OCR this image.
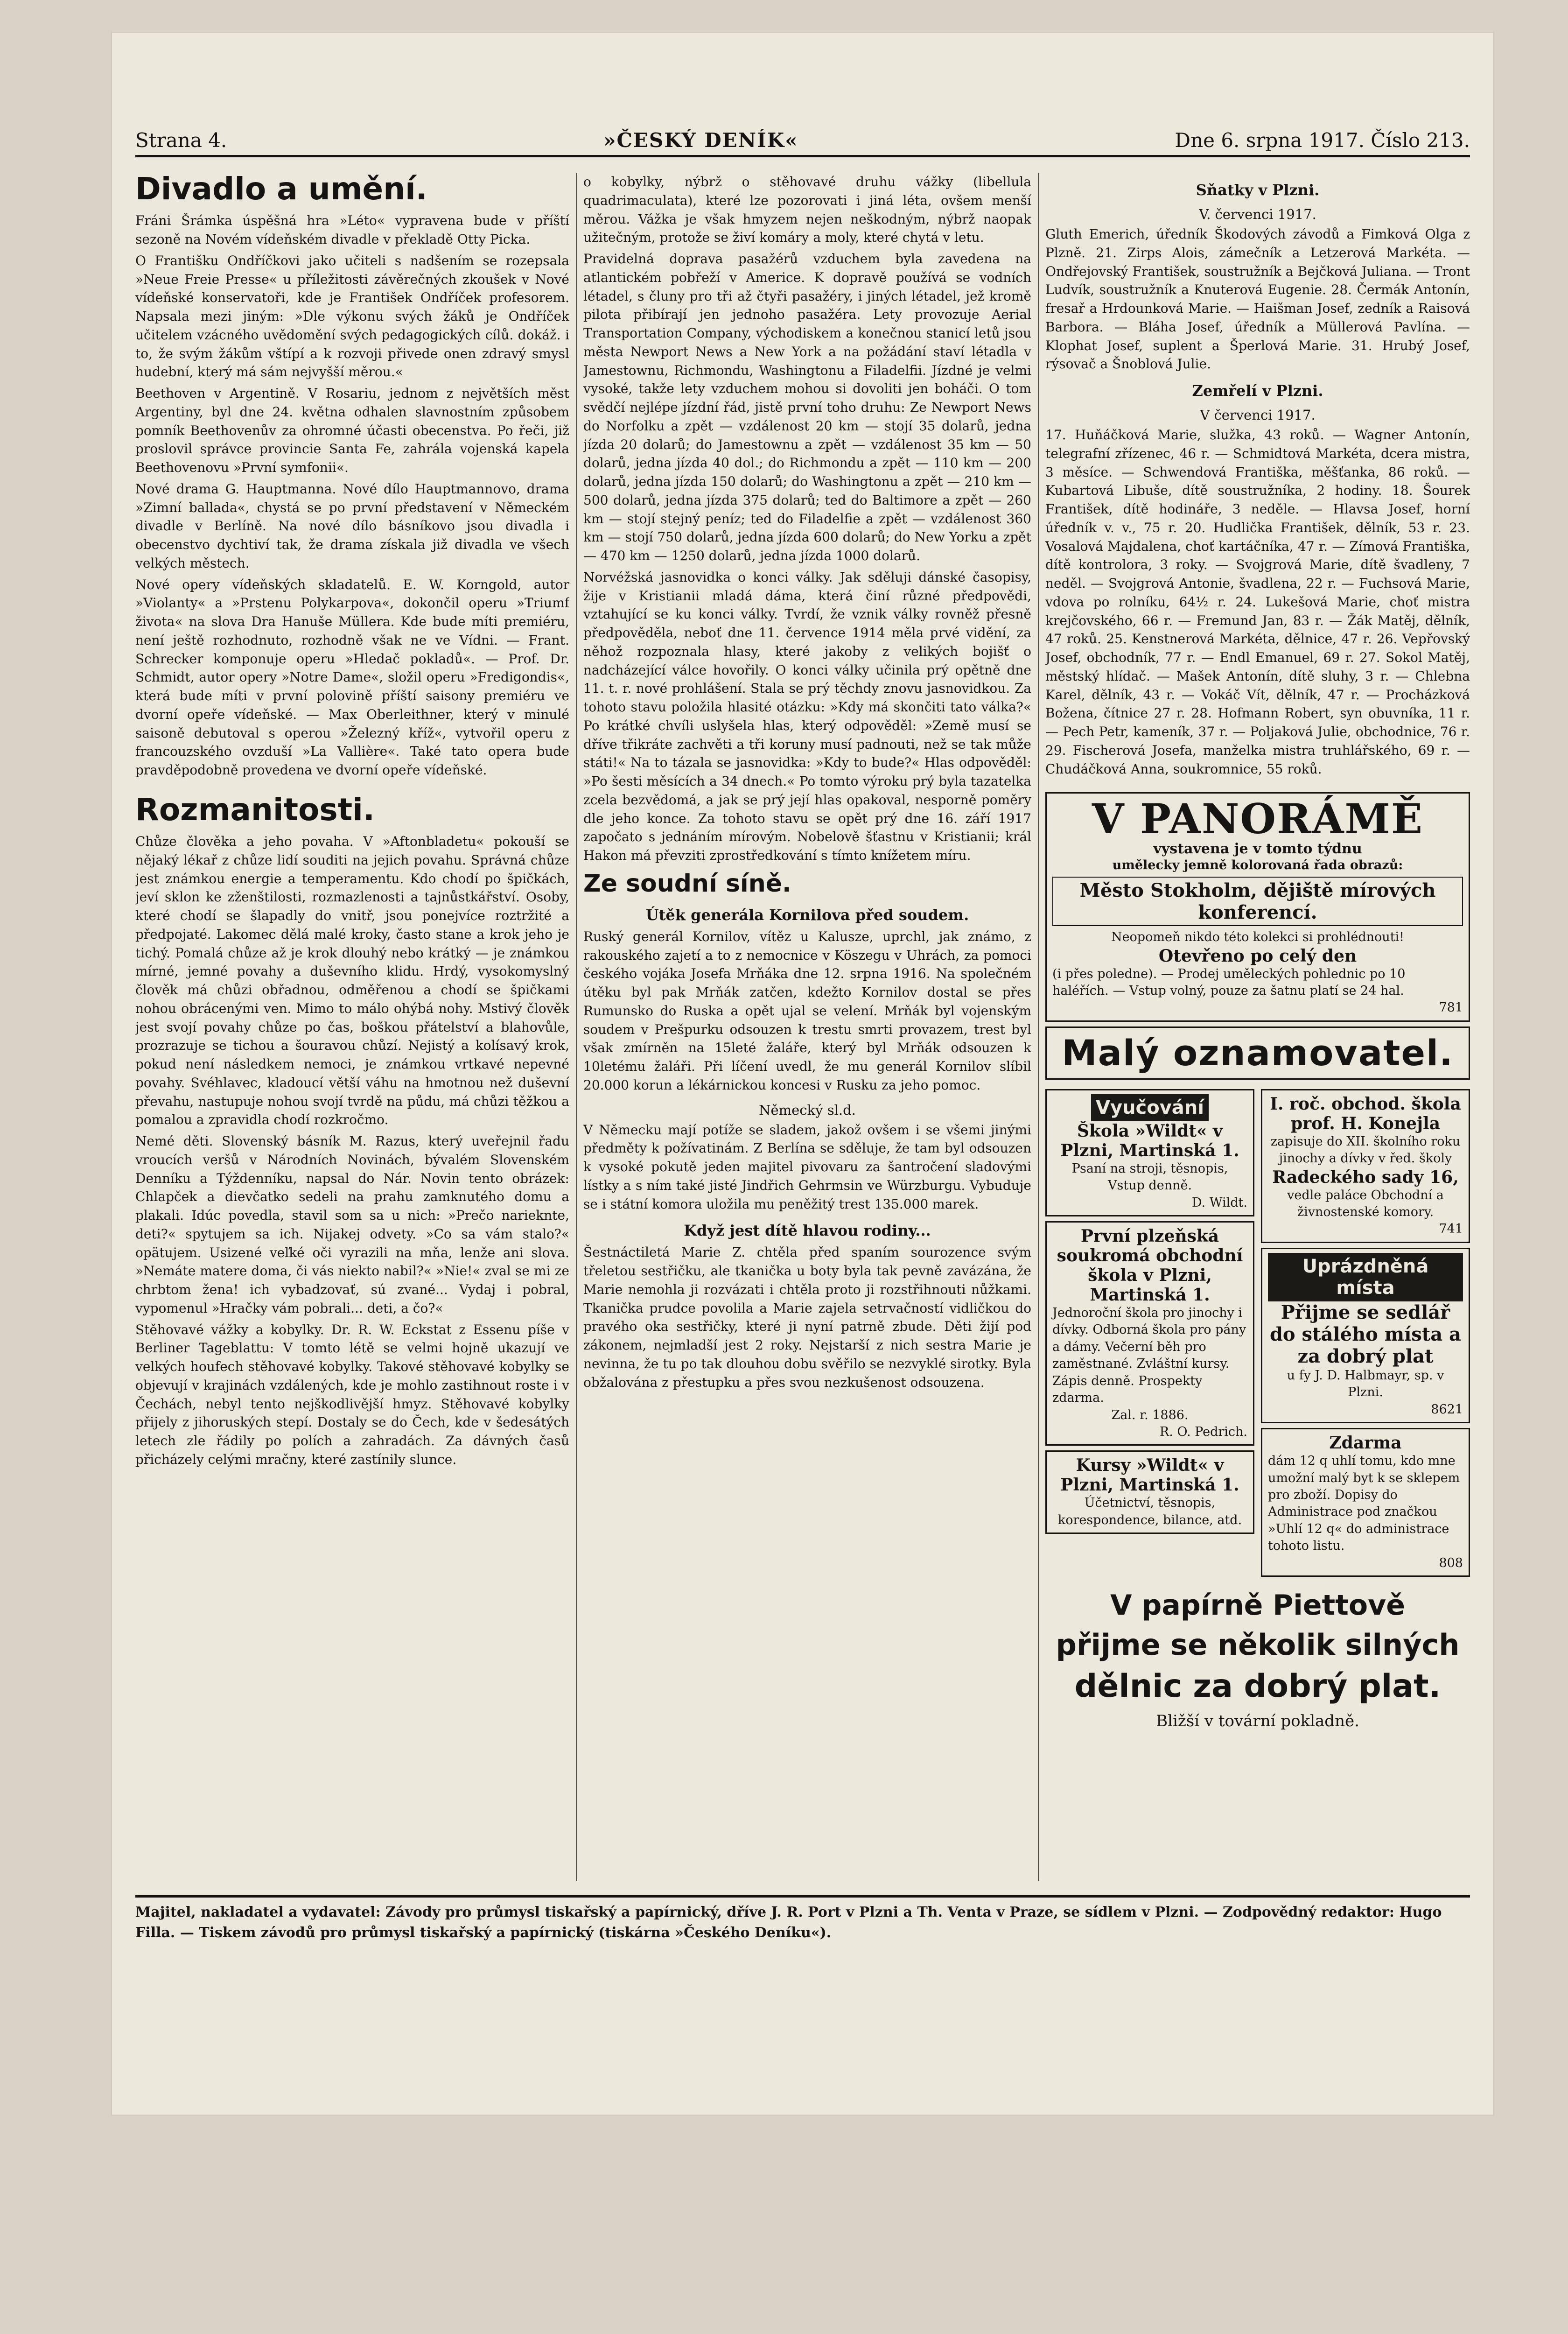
Strana 4.	»ČESKÝ DENÍK«	Dne 6. srpna 1917. Číslo 213.
Divadlo a umění.

Fráni Šrámka úspěšná hra »Léto« vypravena bude v příští sezoně na Novém vídeňském divadle v překladě Otty Picka.

O Františku Ondříčkovi jako učiteli s nadšením se rozepsala »Neue Freie Presse« u příležitosti závěrečných zkoušek v Nové vídeňské konservatoři, kde je František Ondříček profesorem. Napsala mezi jiným: »Dle výkonu svých žáků je Ondříček učitelem vzácného uvědomění svých pedagogických cílů. dokáž. i to, že svým žákům vštípí a k rozvoji přivede onen zdravý smysl hudební, který má sám nejvyšší měrou.«

Beethoven v Argentině. V Rosariu, jednom z největších měst Argentiny, byl dne 24. května odhalen slavnostním způsobem pomník Beethovenův za ohromné účasti obecenstva. Po řeči, již proslovil správce provincie Santa Fe, zahrála vojenská kapela Beethovenovu »První symfonii«.

Nové drama G. Hauptmanna. Nové dílo Hauptmannovo, drama »Zimní ballada«, chystá se po první představení v Německém divadle v Berlíně. Na nové dílo básníkovo jsou divadla i obecenstvo dychtiví tak, že drama získala již divadla ve všech velkých městech.

Nové opery vídeňských skladatelů. E. W. Korngold, autor »Violanty« a »Prstenu Polykarpova«, dokončil operu »Triumf života« na slova Dra Hanuše Müllera. Kde bude míti premiéru, není ještě rozhodnuto, rozhodně však ne ve Vídni. — Frant. Schrecker komponuje operu »Hledač pokladů«. — Prof. Dr. Schmidt, autor opery »Notre Dame«, složil operu »Fredigondis«, která bude míti v první polovině příští saisony premiéru ve dvorní opeře vídeňské. — Max Oberleithner, který v minulé saisoně debutoval s operou »Železný kříž«, vytvořil operu z francouzského ovzduší »La Vallière«. Také tato opera bude pravděpodobně provedena ve dvorní opeře vídeňské.

Rozmanitosti.

Chůze člověka a jeho povaha. V »Aftonbladetu« pokouší se nějaký lékař z chůze lidí souditi na jejich povahu. Správná chůze jest známkou energie a temperamentu. Kdo chodí po špičkách, jeví sklon ke zženštilosti, rozmazlenosti a tajnůstkářství. Osoby, které chodí se šlapadly do vnitř, jsou ponejvíce roztržité a předpojaté. Lakomec dělá malé kroky, často stane a krok jeho je tichý. Pomalá chůze až je krok dlouhý nebo krátký — je známkou mírné, jemné povahy a duševního klidu. Hrdý, vysokomyslný člověk má chůzi obřadnou, odměřenou a chodí se špičkami nohou obrácenými ven. Mimo to málo ohýbá nohy. Mstivý člověk jest svojí povahy chůze po čas, boškou přátelství a blahovůle, prozrazuje se tichou a šouravou chůzí. Nejistý a kolísavý krok, pokud není následkem nemoci, je známkou vrtkavé nepevné povahy. Svéhlavec, kladoucí větší váhu na hmotnou než duševní převahu, nastupuje nohou svojí tvrdě na půdu, má chůzi těžkou a pomalou a zpravidla chodí rozkročmo.

Nemé děti. Slovenský básník M. Razus, který uveřejnil řadu vroucích veršů v Národních Novinách, bývalém Slovenském Denníku a Týždenníku, napsal do Nár. Novin tento obrázek: Chlapček a dievčatko sedeli na prahu zamknutého domu a plakali. Idúc povedla, stavil som sa u nich: »Prečo narieknte, deti?« spytujem sa ich. Nijakej odvety. »Co sa vám stalo?« opätujem. Usizené veľké oči vyrazili na mňa, lenže ani slova. »Nemáte matere doma, či vás niekto nabil?« »Nie!« zval se mi ze chrbtom žena! ich vybadzovať, sú zvané... Vydaj i pobral, vypomenul »Hračky vám pobrali... deti, a čo?«

Stěhovavé vážky a kobylky. Dr. R. W. Eckstat z Essenu píše v Berliner Tageblattu: V tomto létě se velmi hojně ukazují ve velkých houfech stěhovavé kobylky. Takové stěhovavé kobylky se objevují v krajinách vzdálených, kde je mohlo zastihnout roste i v Čechách, nebyl tento nejškodlivější hmyz. Stěhovavé kobylky přijely z jihoruských stepí. Dostaly se do Čech, kde v šedesátých letech zle řádily po polích a zahradách. Za dávných časů přicházely celými mračny, které zastínily slunce.

o kobylky, nýbrž o stěhovavé druhu vážky (libellula quadrimaculata), které lze pozorovati i jiná léta, ovšem menší měrou. Vážka je však hmyzem nejen neškodným, nýbrž naopak užitečným, protože se živí komáry a moly, které chytá v letu.

Pravidelná doprava pasažérů vzduchem byla zavedena na atlantickém pobřeží v Americe. K dopravě používá se vodních létadel, s čluny pro tři až čtyři pasažéry, i jiných létadel, jež kromě pilota přibírají jen jednoho pasažéra. Lety provozuje Aerial Transportation Company, východiskem a konečnou stanicí letů jsou města Newport News a New York a na požádání staví létadla v Jamestownu, Richmondu, Washingtonu a Filadelfii. Jízdné je velmi vysoké, takže lety vzduchem mohou si dovoliti jen boháči. O tom svědčí nejlépe jízdní řád, jistě první toho druhu: Ze Newport News do Norfolku a zpět — vzdálenost 20 km — stojí 35 dolarů, jedna jízda 20 dolarů; do Jamestownu a zpět — vzdálenost 35 km — 50 dolarů, jedna jízda 40 dol.; do Richmondu a zpět — 110 km — 200 dolarů, jedna jízda 150 dolarů; do Washingtonu a zpět — 210 km — 500 dolarů, jedna jízda 375 dolarů; ted do Baltimore a zpět — 260 km — stojí stejný peníz; ted do Filadelfie a zpět — vzdálenost 360 km — stojí 750 dolarů, jedna jízda 600 dolarů; do New Yorku a zpět — 470 km — 1250 dolarů, jedna jízda 1000 dolarů.

Norvéžská jasnovidka o konci války. Jak sděluji dánské časopisy, žije v Kristianii mladá dáma, která činí různé předpovědi, vztahující se ku konci války. Tvrdí, že vznik války rovněž přesně předpověděla, neboť dne 11. července 1914 měla prvé vidění, za něhož rozpoznala hlasy, které jakoby z velikých bojišť o nadcházející válce hovořily. O konci války učinila prý opětně dne 11. t. r. nové prohlášení. Stala se prý těchdy znovu jasnovidkou. Za tohoto stavu položila hlasité otázku: »Kdy má skončiti tato válka?« Po krátké chvíli uslyšela hlas, který odpověděl: »Země musí se dříve třikráte zachvěti a tři koruny musí padnouti, než se tak může státi!« Na to tázala se jasnovidka: »Kdy to bude?« Hlas odpověděl: »Po šesti měsících a 34 dnech.« Po tomto výroku prý byla tazatelka zcela bezvědomá, a jak se prý její hlas opakoval, nesporně poměry dle jeho konce. Za tohoto stavu se opět prý dne 16. září 1917 započato s jednáním mírovým. Nobelově šťastnu v Kristianii; král Hakon má převziti zprostředkování s tímto knížetem míru.

Ze soudní síně.
Útěk generála Kornilova před soudem.

Ruský generál Kornilov, vítěz u Kalusze, uprchl, jak známo, z rakouského zajetí a to z nemocnice v Köszegu v Uhrách, za pomoci českého vojáka Josefa Mrňáka dne 12. srpna 1916. Na společném útěku byl pak Mrňák zatčen, kdežto Kornilov dostal se přes Rumunsko do Ruska a opět ujal se velení. Mrňák byl vojenským soudem v Prešpurku odsouzen k trestu smrti provazem, trest byl však zmírněn na 15leté žaláře, který byl Mrňák odsouzen k 10letému žaláři. Při líčení uvedl, že mu generál Kornilov slíbil 20.000 korun a lékárnickou koncesi v Rusku za jeho pomoc.

Německý sl.d.

V Německu mají potíže se sladem, jakož ovšem i se všemi jinými předměty k požívatinám. Z Berlína se sděluje, že tam byl odsouzen k vysoké pokutě jeden majitel pivovaru za šantročení sladovými lístky a s ním také jisté Jindřich Gehrmsin ve Würzburgu. Vybuduje se i státní komora uložila mu peněžitý trest 135.000 marek.

Když jest dítě hlavou rodiny...

Šestnáctiletá Marie Z. chtěla před spaním sourozence svým třeletou sestřičku, ale tkanička u boty byla tak pevně zavázána, že Marie nemohla ji rozvázati i chtěla proto ji rozstřihnouti nůžkami. Tkanička prudce povolila a Marie zajela setrvačností vidličkou do pravého oka sestřičky, které ji nyní patrně zbude. Děti žijí pod zákonem, nejmladší jest 2 roky. Nejstarší z nich sestra Marie je nevinna, že tu po tak dlouhou dobu svěřilo se nezvyklé sirotky. Byla obžalována z přestupku a přes svou nezkušenost odsouzena.

Sňatky v Plzni.
V. červenci 1917.

Gluth Emerich, úředník Škodových závodů a Fimková Olga z Plzně. 21. Zirps Alois, zámečník a Letzerová Markéta. — Ondřejovský František, soustružník a Bejčková Juliana. — Tront Ludvík, soustružník a Knuterová Eugenie. 28. Čermák Antonín, fresař a Hrdounková Marie. — Haišman Josef, zedník a Raisová Barbora. — Bláha Josef, úředník a Müllerová Pavlína. — Klophat Josef, suplent a Šperlová Marie. 31. Hrubý Josef, rýsovač a Šnoblová Julie.

Zemřelí v Plzni.
V červenci 1917.

17. Huňáčková Marie, služka, 43 roků. — Wagner Antonín, telegrafní zřízenec, 46 r. — Schmidtová Markéta, dcera mistra, 3 měsíce. — Schwendová Františka, měšťanka, 86 roků. — Kubartová Libuše, dítě soustružníka, 2 hodiny. 18. Šourek František, dítě hodináře, 3 neděle. — Hlavsa Josef, horní úředník v. v., 75 r. 20. Hudlička František, dělník, 53 r. 23. Vosalová Majdalena, choť kartáčníka, 47 r. — Zímová Františka, dítě kontrolora, 3 roky. — Svojgrová Marie, dítě švadleny, 7 neděl. — Svojgrová Antonie, švadlena, 22 r. — Fuchsová Marie, vdova po rolníku, 64½ r. 24. Lukešová Marie, choť mistra krejčovského, 66 r. — Fremund Jan, 83 r. — Žák Matěj, dělník, 47 roků. 25. Kenstnerová Markéta, dělnice, 47 r. 26. Vepřovský Josef, obchodník, 77 r. — Endl Emanuel, 69 r. 27. Sokol Matěj, městský hlídač. — Mašek Antonín, dítě sluhy, 3 r. — Chlebna Karel, dělník, 43 r. — Vokáč Vít, dělník, 47 r. — Procházková Božena, čítnice 27 r. 28. Hofmann Robert, syn obuvníka, 11 r. — Pech Petr, kameník, 37 r. — Poljaková Julie, obchodnice, 76 r. 29. Fischerová Josefa, manželka mistra truhlářského, 69 r. — Chudáčková Anna, soukromnice, 55 roků.

V PANORÁMĚ
vystavena je v tomto týdnu
umělecky jemně kolorovaná řada obrazů:
Město Stokholm, dějiště mírových konferencí.
Neopomeň nikdo této kolekci si prohlédnouti!
Otevřeno po celý den
(i přes poledne). — Prodej uměleckých pohlednic po 10 haléřích. — Vstup volný, pouze za šatnu platí se 24 hal.
781
Malý oznamovatel.
Vyučování
Škola »Wildt« v Plzni, Martinská 1.
Psaní na stroji, těsnopis, Vstup denně.
D. Wildt.
První plzeňská soukromá obchodní škola v Plzni, Martinská 1.
Jednoroční škola pro jinochy i dívky. Odborná škola pro pány a dámy. Večerní běh pro zaměstnané. Zvláštní kursy. Zápis denně. Prospekty zdarma.
Zal. r. 1886.
R. O. Pedrich.
Kursy »Wildt« v Plzni, Martinská 1.
Účetnictví, těsnopis, korespondence, bilance, atd.
I. roč. obchod. škola prof. H. Konejla
zapisuje do XII. školního roku jinochy a dívky v řed. školy
Radeckého sady 16,
vedle paláce Obchodní a živnostenské komory.
741
Uprázdněná místa
Přijme se sedlář do stálého místa a za dobrý plat
u fy J. D. Halbmayr, sp. v Plzni.
8621
Zdarma
dám 12 q uhlí tomu, kdo mne umožní malý byt k se sklepem pro zboží. Dopisy do Administrace pod značkou »Uhlí 12 q« do administrace tohoto listu.
808
V papírně Piettově
přijme se několik silných
dělnic za dobrý plat.
Bližší v tovární pokladně.
Majitel, nakladatel a vydavatel: Závody pro průmysl tiskařský a papírnický, dříve J. R. Port v Plzni a Th. Venta v Praze, se sídlem v Plzni. — Zodpovědný redaktor: Hugo Filla. — Tiskem závodů pro průmysl tiskařský a papírnický (tiskárna »Českého Deníku«).
